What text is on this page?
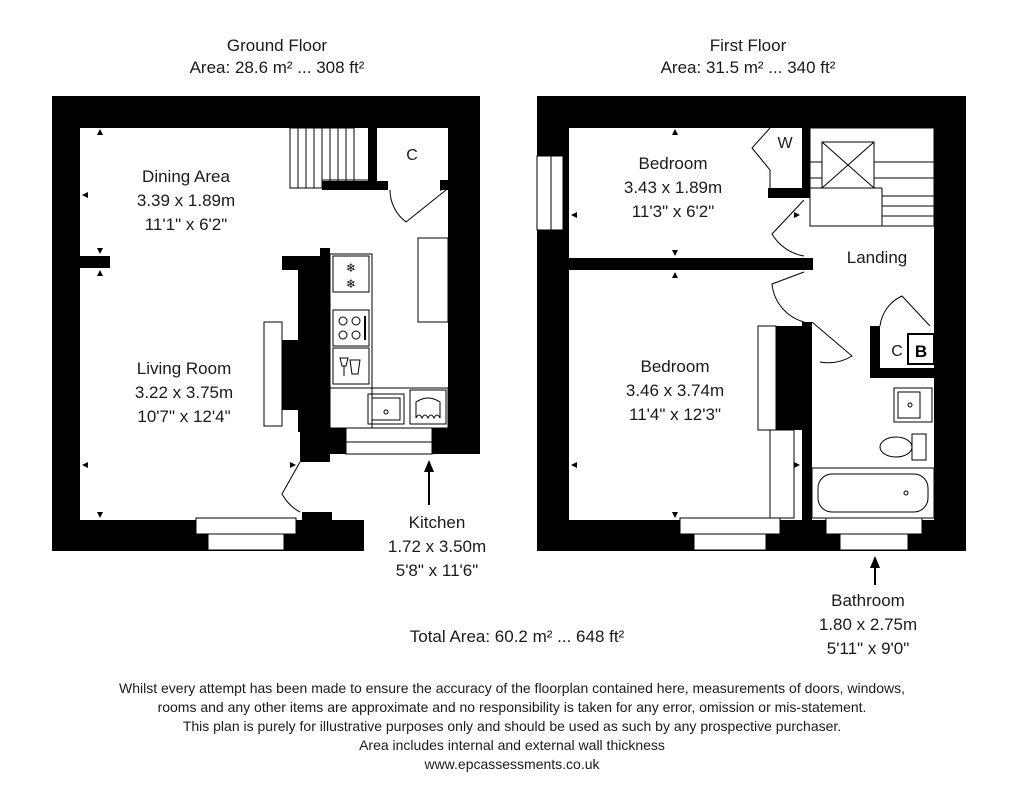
❄
❄
Ground Floor
Area: 28.6 m² ... 308 ft²
First Floor
Area: 31.5 m² ... 340 ft²
C
Dining Area
3.39 x 1.89m
11'1" x 6'2"
Living Room
3.22 x 3.75m
10'7" x 12'4"
Kitchen
1.72 x 3.50m
5'8" x 11'6"
Bedroom
3.43 x 1.89m
11'3" x 6'2"
W
Landing
C B
Bedroom
3.46 x 3.74m
11'4" x 12'3"
Bathroom
1.80 x 2.75m
5'11" x 9'0"
Total Area: 60.2 m² ... 648 ft²
Whilst every attempt has been made to ensure the accuracy of the floorplan contained here, measurements of doors, windows,
rooms and any other items are approximate and no responsibility is taken for any error, omission or mis-statement.
This plan is purely for illustrative purposes only and should be used as such by any prospective purchaser.
Area includes internal and external wall thickness
www.epcassessments.co.uk
